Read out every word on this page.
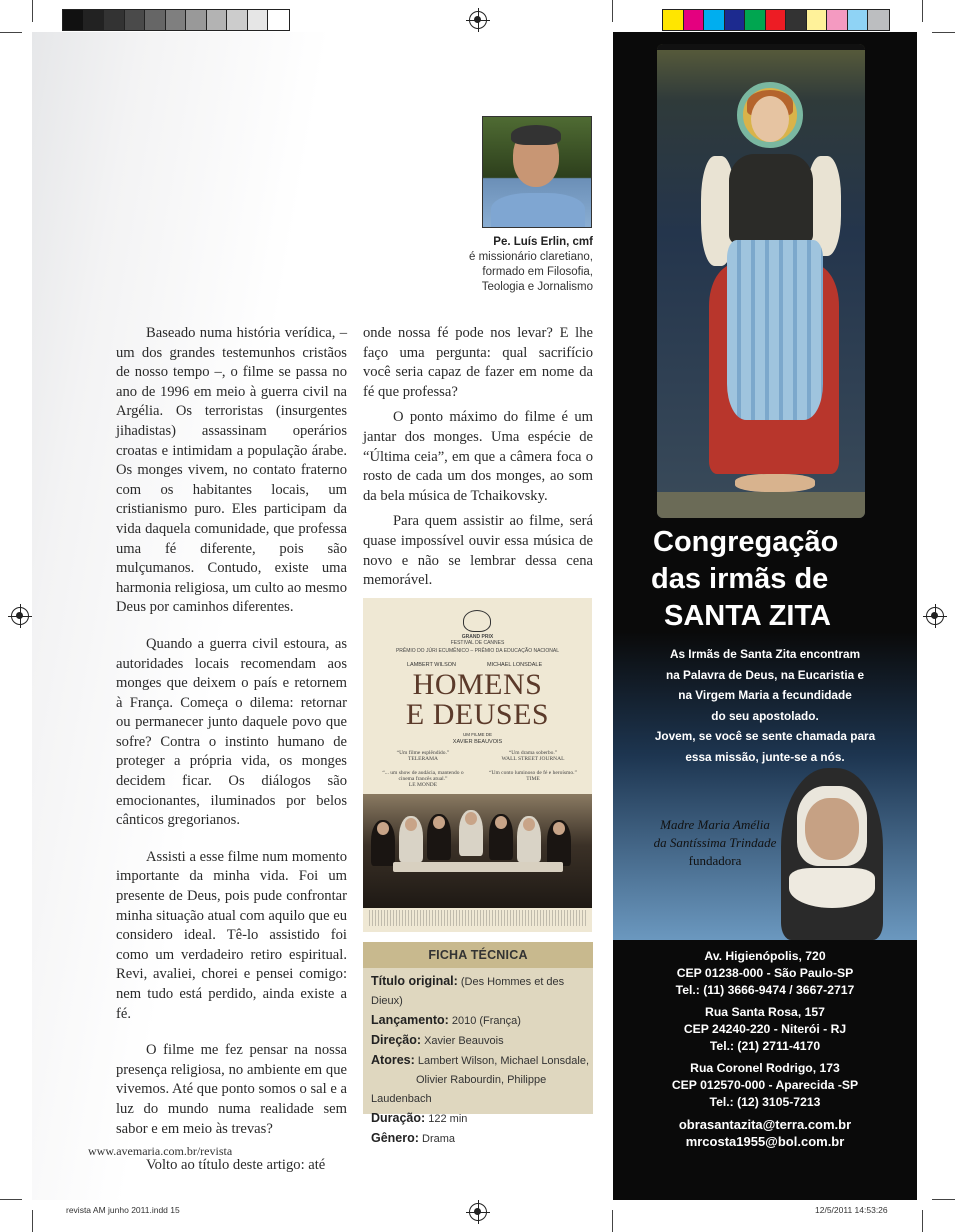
Pe. Luís Erlin, cmf
é missionário claretiano,
formado em Filosofia,
Teologia e Jornalismo

Baseado numa história verídica, – um dos grandes testemunhos cristãos de nosso tempo –, o filme se passa no ano de 1996 em meio à guerra civil na Argélia. Os terroristas (insurgentes jihadistas) assassinam operários croatas e intimidam a população árabe. Os monges vivem, no contato fraterno com os habitantes locais, um cristianismo puro. Eles participam da vida daquela comunidade, que professa uma fé diferente, pois são mulçumanos. Contudo, existe uma harmonia religiosa, um culto ao mesmo Deus por caminhos diferentes.

Quando a guerra civil estoura, as autoridades locais recomendam aos monges que deixem o país e retornem à França. Começa o dilema: retornar ou permanecer junto daquele povo que sofre? Contra o instinto humano de proteger a própria vida, os monges decidem ficar. Os diálogos são emocionantes, iluminados por belos cânticos gregorianos.

Assisti a esse filme num momento importante da minha vida. Foi um presente de Deus, pois pude confrontar minha situação atual com aquilo que eu considero ideal. Tê-lo assistido foi como um verdadeiro retiro espiritual. Revi, avaliei, chorei e pensei comigo: nem tudo está perdido, ainda existe a fé.

O filme me fez pensar na nossa presença religiosa, no ambiente em que vivemos. Até que ponto somos o sal e a luz do mundo numa realidade sem sabor e em meio às trevas?

Volto ao título deste artigo: até

onde nossa fé pode nos levar? E lhe faço uma pergunta: qual sacrifício você seria capaz de fazer em nome da fé que professa?

O ponto máximo do filme é um jantar dos monges. Uma espécie de “Última ceia”, em que a câmera foca o rosto de cada um dos monges, ao som da bela música de Tchaikovsky.

Para quem assistir ao filme, será quase impossível ouvir essa música de novo e não se lembrar dessa cena memorável.

GRAND PRIX
FESTIVAL DE CANNES
PRÊMIO DO JÚRI ECUMÊNICO – PRÊMIO DA EDUCAÇÃO NACIONAL
LAMBERT WILSON	MICHAEL LONSDALE
HOMENS
E DEUSES
UM FILME DE
XAVIER BEAUVOIS
“Um filme esplêndido.”
TELERAMA
“Um drama soberbo.”
WALL STREET JOURNAL
“... um show de audácia, mantendo o cinema francês atual.”
LE MONDE
“Um conto luminoso de fé e heroísmo.”
TIME
FICHA TÉCNICA
Título original: (Des Hommes et des Dieux)
Lançamento: 2010 (França)
Direção: Xavier Beauvois
Atores: Lambert Wilson, Michael Lonsdale,
Olivier Rabourdin, Philippe Laudenbach
Duração: 122 min
Gênero: Drama
www.avemaria.com.br/revista
revista AM junho 2011.indd 15	12/5/2011 14:53:26
Congregação
das irmãs de
SANTA ZITA
As Irmãs de Santa Zita encontram
na Palavra de Deus, na Eucaristia e
na Virgem Maria a fecundidade
do seu apostolado.
Jovem, se você se sente chamada para
essa missão, junte-se a nós.
Madre Maria Amélia
da Santíssima Trindade
fundadora
Av. Higienópolis, 720
CEP 01238-000 - São Paulo-SP
Tel.: (11) 3666-9474 / 3667-2717
Rua Santa Rosa, 157
CEP 24240-220 - Niterói - RJ
Tel.: (21) 2711-4170
Rua Coronel Rodrigo, 173
CEP 012570-000 - Aparecida -SP
Tel.: (12) 3105-7213
obrasantazita@terra.com.br
mrcosta1955@bol.com.br
